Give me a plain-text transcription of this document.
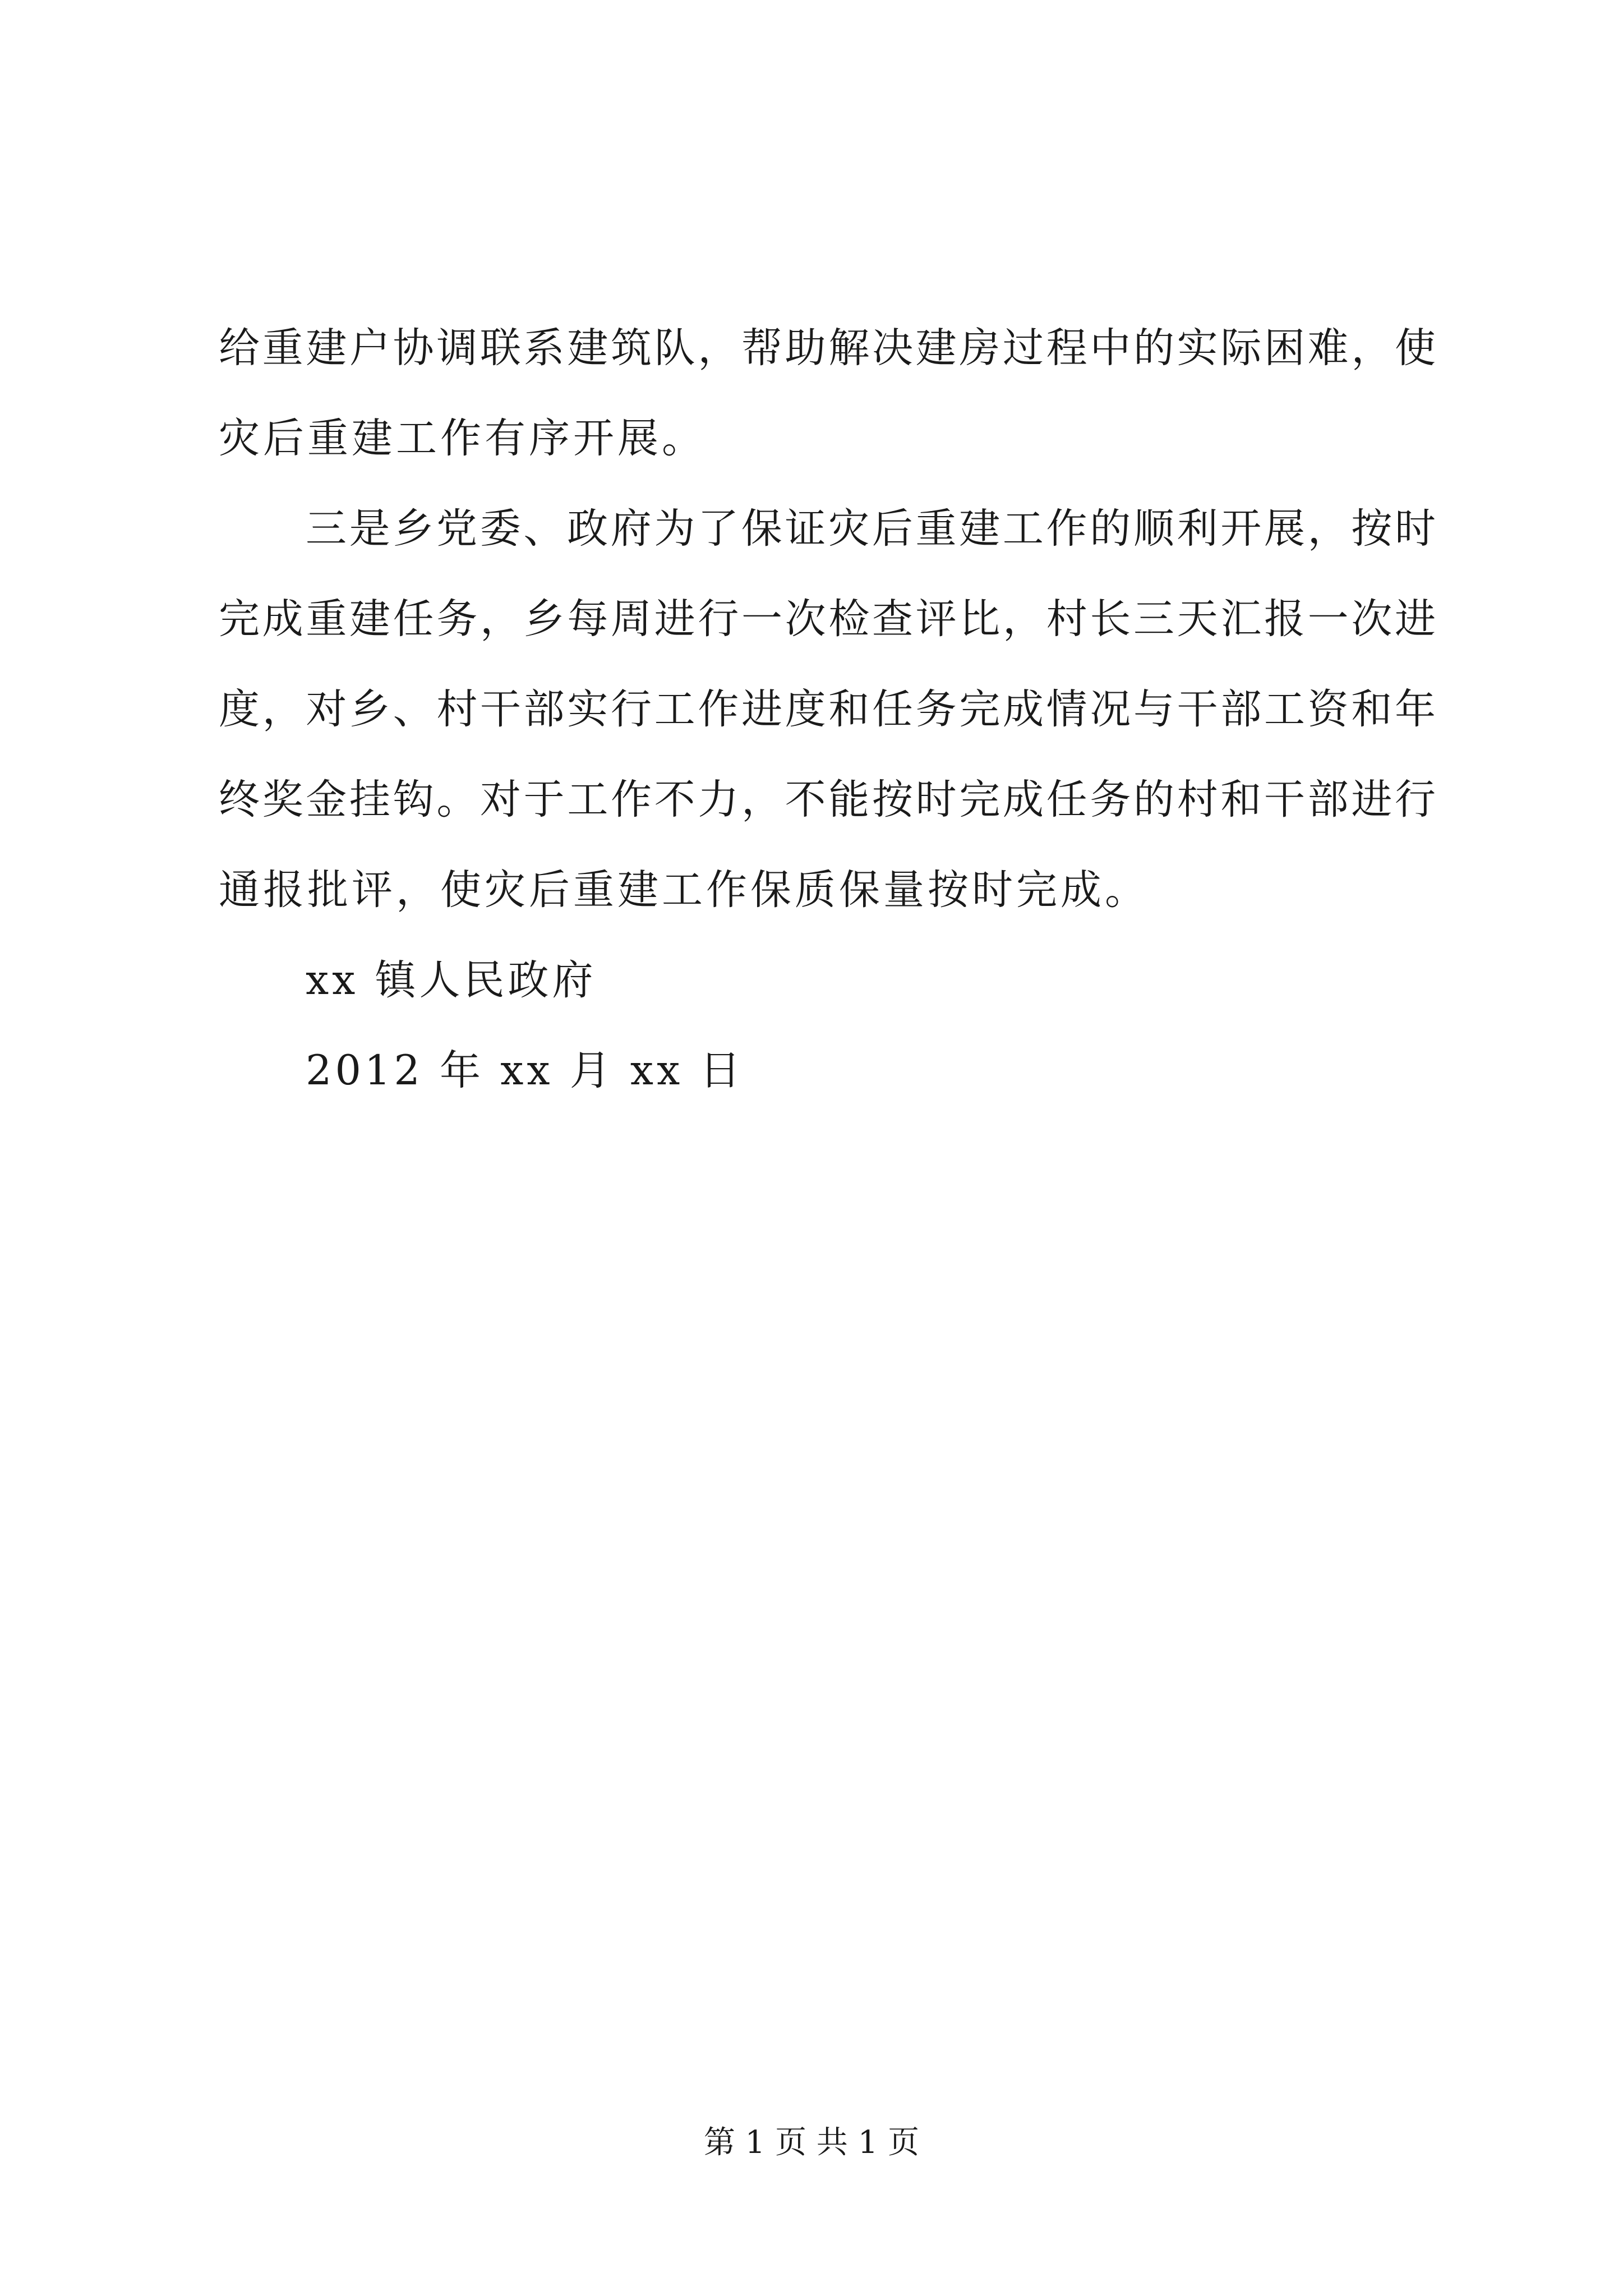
给重建户协调联系建筑队，帮助解决建房过程中的实际困难，使
灾后重建工作有序开展。
三是乡党委、政府为了保证灾后重建工作的顺利开展，按时
完成重建任务，乡每周进行一次检查评比，村长三天汇报一次进
度，对乡、村干部实行工作进度和任务完成情况与干部工资和年
终奖金挂钩。对于工作不力，不能按时完成任务的村和干部进行
通报批评，使灾后重建工作保质保量按时完成。
xx 镇人民政府
2012 年 xx 月 xx 日
第 1 页 共 1 页
